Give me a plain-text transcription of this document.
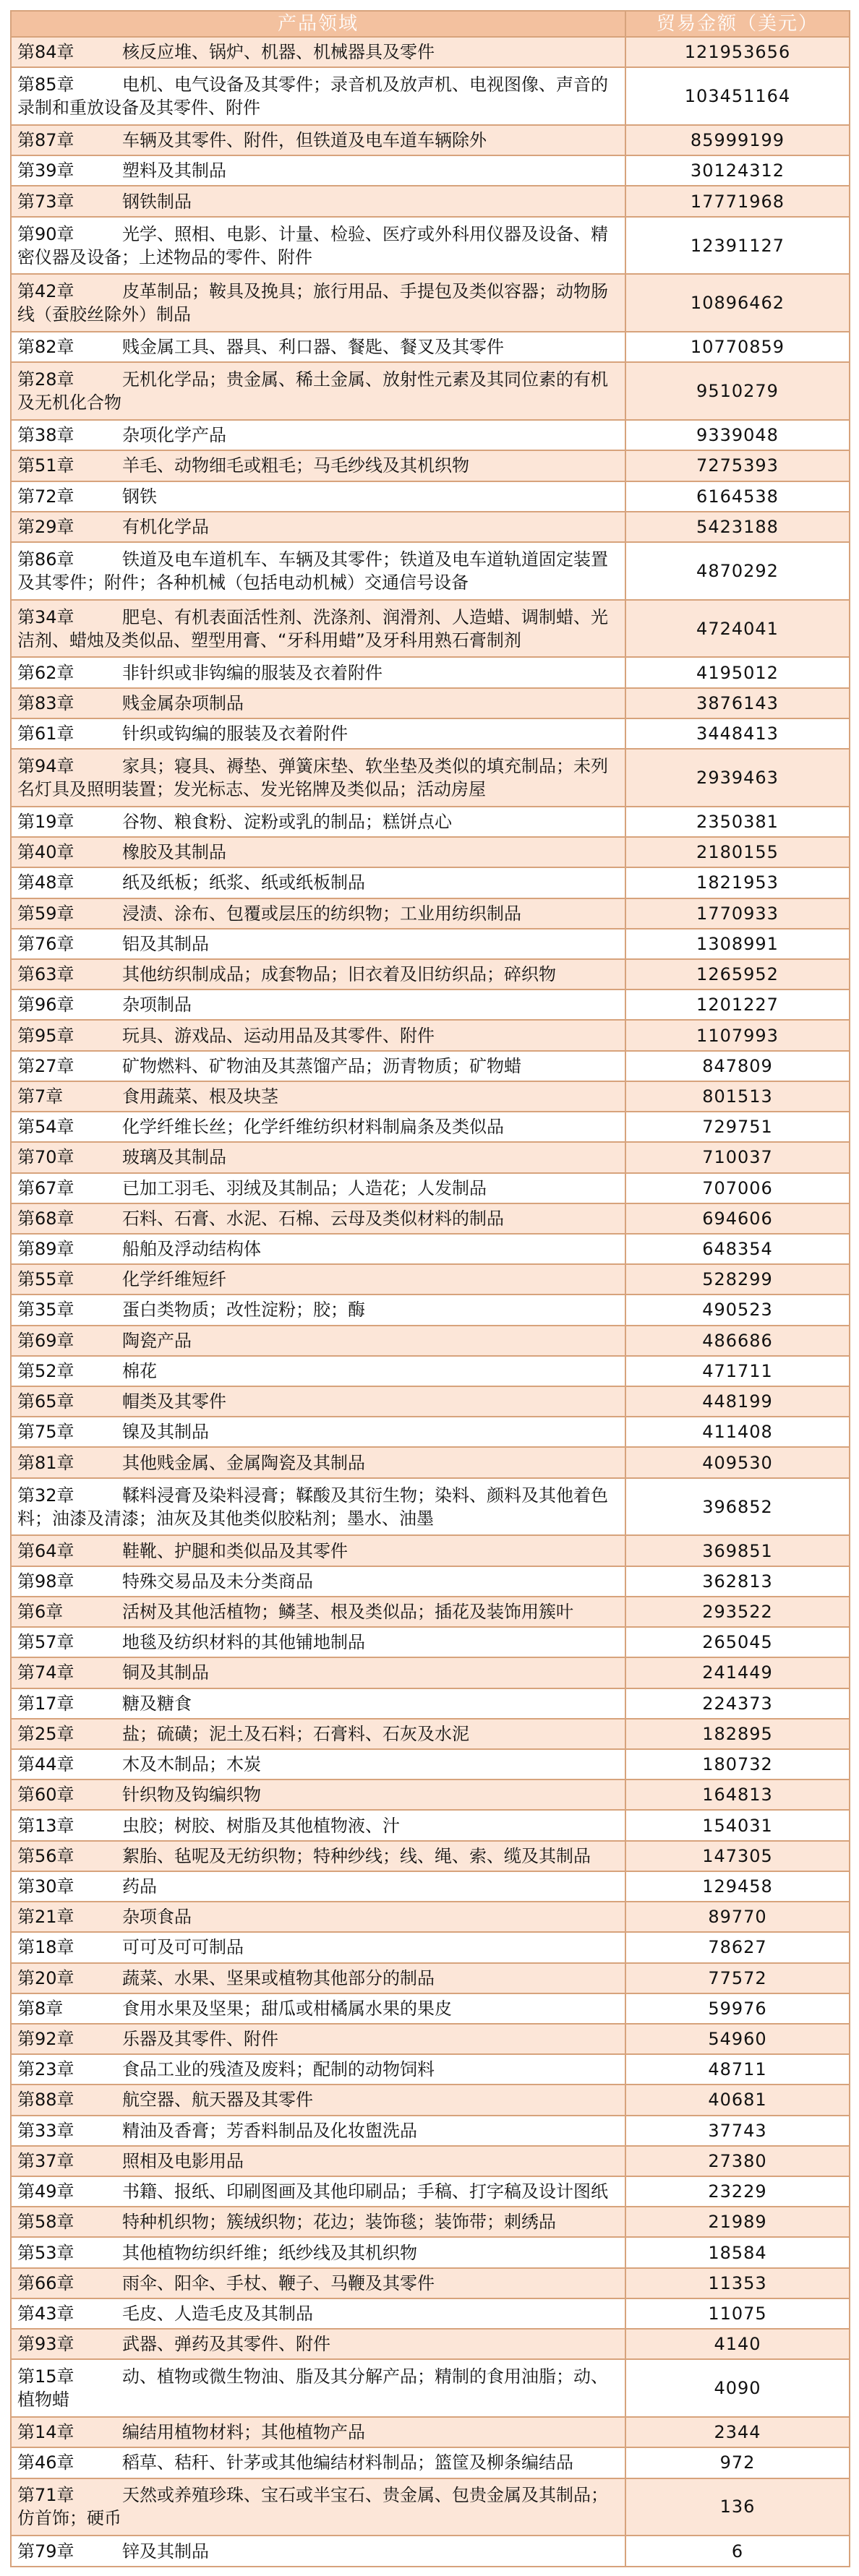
产品领域	贸易金额（美元）
第84章 核反应堆、锅炉、机器、机械器具及零件	121953656
第85章 电机、电气设备及其零件；录音机及放声机、电视图像、声音的录制和重放设备及其零件、附件	103451164
第87章 车辆及其零件、附件，但铁道及电车道车辆除外	85999199
第39章 塑料及其制品	30124312
第73章 钢铁制品	17771968
第90章 光学、照相、电影、计量、检验、医疗或外科用仪器及设备、精密仪器及设备；上述物品的零件、附件	12391127
第42章 皮革制品；鞍具及挽具；旅行用品、手提包及类似容器；动物肠线（蚕胶丝除外）制品	10896462
第82章 贱金属工具、器具、利口器、餐匙、餐叉及其零件	10770859
第28章 无机化学品；贵金属、稀土金属、放射性元素及其同位素的有机及无机化合物	9510279
第38章 杂项化学产品	9339048
第51章 羊毛、动物细毛或粗毛；马毛纱线及其机织物	7275393
第72章 钢铁	6164538
第29章 有机化学品	5423188
第86章 铁道及电车道机车、车辆及其零件；铁道及电车道轨道固定装置及其零件；附件；各种机械（包括电动机械）交通信号设备	4870292
第34章 肥皂、有机表面活性剂、洗涤剂、润滑剂、人造蜡、调制蜡、光洁剂、蜡烛及类似品、塑型用膏、“牙科用蜡”及牙科用熟石膏制剂	4724041
第62章 非针织或非钩编的服装及衣着附件	4195012
第83章 贱金属杂项制品	3876143
第61章 针织或钩编的服装及衣着附件	3448413
第94章 家具；寝具、褥垫、弹簧床垫、软坐垫及类似的填充制品；未列名灯具及照明装置；发光标志、发光铭牌及类似品；活动房屋	2939463
第19章 谷物、粮食粉、淀粉或乳的制品；糕饼点心	2350381
第40章 橡胶及其制品	2180155
第48章 纸及纸板；纸浆、纸或纸板制品	1821953
第59章 浸渍、涂布、包覆或层压的纺织物；工业用纺织制品	1770933
第76章 铝及其制品	1308991
第63章 其他纺织制成品；成套物品；旧衣着及旧纺织品；碎织物	1265952
第96章 杂项制品	1201227
第95章 玩具、游戏品、运动用品及其零件、附件	1107993
第27章 矿物燃料、矿物油及其蒸馏产品；沥青物质；矿物蜡	847809
第7章 食用蔬菜、根及块茎	801513
第54章 化学纤维长丝；化学纤维纺织材料制扁条及类似品	729751
第70章 玻璃及其制品	710037
第67章 已加工羽毛、羽绒及其制品；人造花；人发制品	707006
第68章 石料、石膏、水泥、石棉、云母及类似材料的制品	694606
第89章 船舶及浮动结构体	648354
第55章 化学纤维短纤	528299
第35章 蛋白类物质；改性淀粉；胶；酶	490523
第69章 陶瓷产品	486686
第52章 棉花	471711
第65章 帽类及其零件	448199
第75章 镍及其制品	411408
第81章 其他贱金属、金属陶瓷及其制品	409530
第32章 鞣料浸膏及染料浸膏；鞣酸及其衍生物；染料、颜料及其他着色料；油漆及清漆；油灰及其他类似胶粘剂；墨水、油墨	396852
第64章 鞋靴、护腿和类似品及其零件	369851
第98章 特殊交易品及未分类商品	362813
第6章 活树及其他活植物；鳞茎、根及类似品；插花及装饰用簇叶	293522
第57章 地毯及纺织材料的其他铺地制品	265045
第74章 铜及其制品	241449
第17章 糖及糖食	224373
第25章 盐；硫磺；泥土及石料；石膏料、石灰及水泥	182895
第44章 木及木制品；木炭	180732
第60章 针织物及钩编织物	164813
第13章 虫胶；树胶、树脂及其他植物液、汁	154031
第56章 絮胎、毡呢及无纺织物；特种纱线；线、绳、索、缆及其制品	147305
第30章 药品	129458
第21章 杂项食品	89770
第18章 可可及可可制品	78627
第20章 蔬菜、水果、坚果或植物其他部分的制品	77572
第8章 食用水果及坚果；甜瓜或柑橘属水果的果皮	59976
第92章 乐器及其零件、附件	54960
第23章 食品工业的残渣及废料；配制的动物饲料	48711
第88章 航空器、航天器及其零件	40681
第33章 精油及香膏；芳香料制品及化妆盥洗品	37743
第37章 照相及电影用品	27380
第49章 书籍、报纸、印刷图画及其他印刷品；手稿、打字稿及设计图纸	23229
第58章 特种机织物；簇绒织物；花边；装饰毯；装饰带；刺绣品	21989
第53章 其他植物纺织纤维；纸纱线及其机织物	18584
第66章 雨伞、阳伞、手杖、鞭子、马鞭及其零件	11353
第43章 毛皮、人造毛皮及其制品	11075
第93章 武器、弹药及其零件、附件	4140
第15章 动、植物或微生物油、脂及其分解产品；精制的食用油脂；动、植物蜡	4090
第14章 编结用植物材料；其他植物产品	2344
第46章 稻草、秸秆、针茅或其他编结材料制品；篮筐及柳条编结品	972
第71章 天然或养殖珍珠、宝石或半宝石、贵金属、包贵金属及其制品；仿首饰；硬币	136
第79章 锌及其制品	6
